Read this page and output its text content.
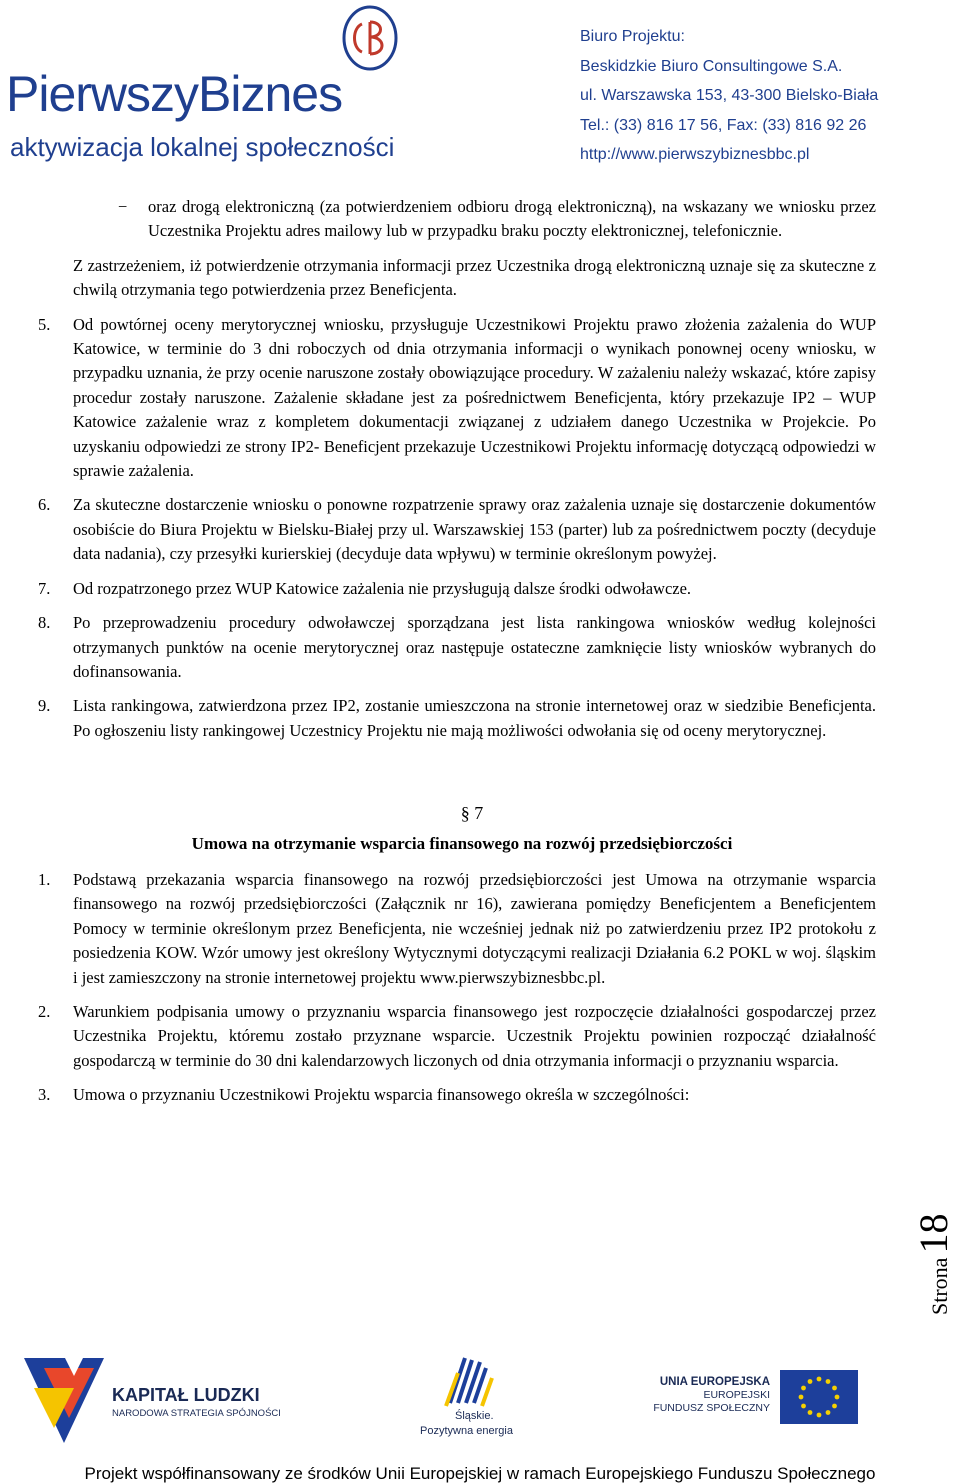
PierwszyBiznes
aktywizacja lokalnej społeczności
Biuro Projektu:
Beskidzkie Biuro Consultingowe S.A.
ul. Warszawska 153, 43-300 Bielsko-Biała
Tel.: (33) 816 17 56, Fax: (33) 816 92 26
http://www.pierwszybiznesbbc.pl

− oraz drogą elektroniczną (za potwierdzeniem odbioru drogą elektroniczną), na wskazany we wniosku przez Uczestnika Projektu adres mailowy lub w przypadku braku poczty elektronicznej, telefonicznie.

Z zastrzeżeniem, iż potwierdzenie otrzymania informacji przez Uczestnika drogą elektroniczną uznaje się za skuteczne z chwilą otrzymania tego potwierdzenia przez Beneficjenta.

5. Od powtórnej oceny merytorycznej wniosku, przysługuje Uczestnikowi Projektu prawo złożenia zażalenia do WUP Katowice, w terminie do 3 dni roboczych od dnia otrzymania informacji o wynikach ponownej oceny wniosku, w przypadku uznania, że przy ocenie naruszone zostały obowiązujące procedury. W zażaleniu należy wskazać, które zapisy procedur zostały naruszone. Zażalenie składane jest za pośrednictwem Beneficjenta, który przekazuje IP2 – WUP Katowice zażalenie wraz z kompletem dokumentacji związanej z udziałem danego Uczestnika w Projekcie. Po uzyskaniu odpowiedzi ze strony IP2- Beneficjent przekazuje Uczestnikowi Projektu informację dotyczącą odpowiedzi w sprawie zażalenia.

6. Za skuteczne dostarczenie wniosku o ponowne rozpatrzenie sprawy oraz zażalenia uznaje się dostarczenie dokumentów osobiście do Biura Projektu w Bielsku-Białej przy ul. Warszawskiej 153 (parter) lub za pośrednictwem poczty (decyduje data nadania), czy przesyłki kurierskiej (decyduje data wpływu) w terminie określonym powyżej.

7. Od rozpatrzonego przez WUP Katowice zażalenia nie przysługują dalsze środki odwoławcze.

8. Po przeprowadzeniu procedury odwoławczej sporządzana jest lista rankingowa wniosków według kolejności otrzymanych punktów na ocenie merytorycznej oraz następuje ostateczne zamknięcie listy wniosków wybranych do dofinansowania.

9. Lista rankingowa, zatwierdzona przez IP2, zostanie umieszczona na stronie internetowej oraz w siedzibie Beneficjenta. Po ogłoszeniu listy rankingowej Uczestnicy Projektu nie mają możliwości odwołania się od oceny merytorycznej.

§ 7
Umowa na otrzymanie wsparcia finansowego na rozwój przedsiębiorczości

1. Podstawą przekazania wsparcia finansowego na rozwój przedsiębiorczości jest Umowa na otrzymanie wsparcia finansowego na rozwój przedsiębiorczości (Załącznik nr 16), zawierana pomiędzy Beneficjentem a Beneficjentem Pomocy w terminie określonym przez Beneficjenta, nie wcześniej jednak niż po zatwierdzeniu przez IP2 protokołu z posiedzenia KOW. Wzór umowy jest określony Wytycznymi dotyczącymi realizacji Działania 6.2 POKL w woj. śląskim i jest zamieszczony na stronie internetowej projektu www.pierwszybiznesbbc.pl.

2. Warunkiem podpisania umowy o przyznaniu wsparcia finansowego jest rozpoczęcie działalności gospodarczej przez Uczestnika Projektu, któremu zostało przyznane wsparcie. Uczestnik Projektu powinien rozpocząć działalność gospodarczą w terminie do 30 dni kalendarzowych liczonych od dnia otrzymania informacji o przyznaniu wsparcia.

3. Umowa o przyznaniu Uczestnikowi Projektu wsparcia finansowego określa w szczególności:

Strona 18
KAPITAŁ LUDZKI
NARODOWA STRATEGIA SPÓJNOŚCI	Śląskie.
Pozytywna energia
UNIA EUROPEJSKA
EUROPEJSKI
FUNDUSZ SPOŁECZNY
Projekt współfinansowany ze środków Unii Europejskiej w ramach Europejskiego Funduszu Społecznego
